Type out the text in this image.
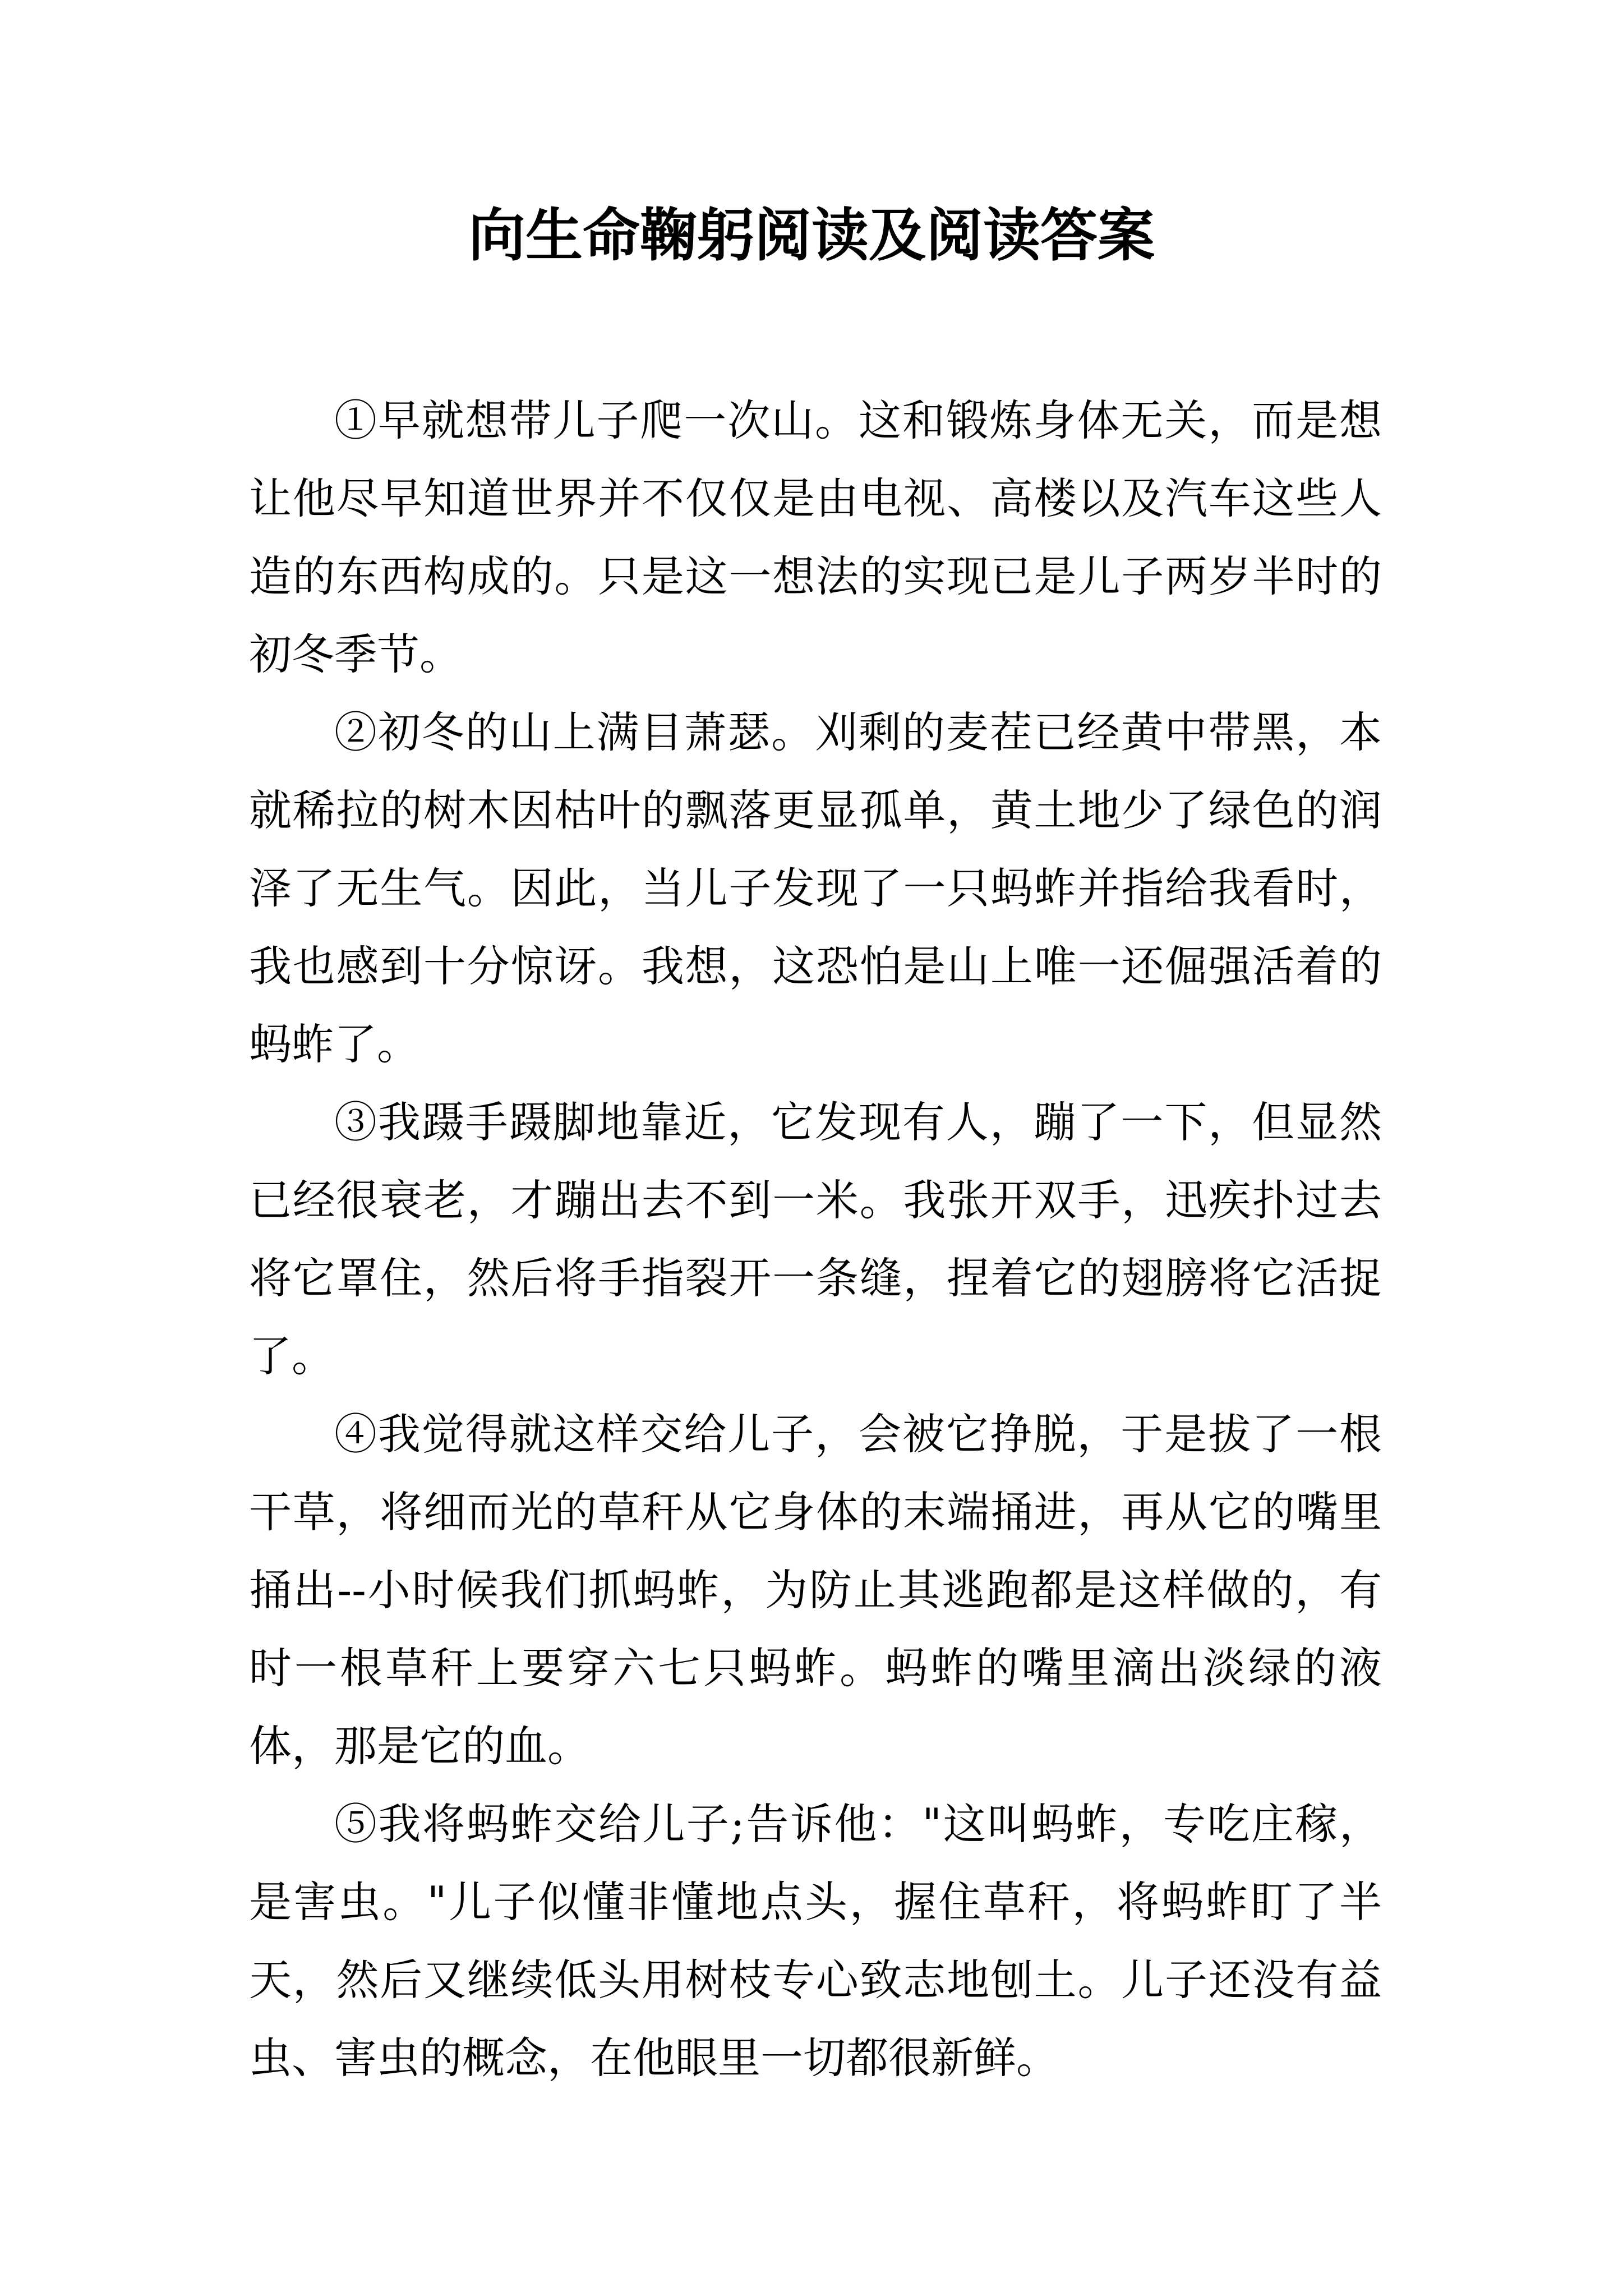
向生命鞠躬阅读及阅读答案

①早就想带儿子爬一次山。这和锻炼身体无关，而是想让他尽早知道世界并不仅仅是由电视、高楼以及汽车这些人造的东西构成的。只是这一想法的实现已是儿子两岁半时的初冬季节。

②初冬的山上满目萧瑟。刈剩的麦茬已经黄中带黑，本就稀拉的树木因枯叶的飘落更显孤单，黄土地少了绿色的润泽了无生气。因此，当儿子发现了一只蚂蚱并指给我看时，我也感到十分惊讶。我想，这恐怕是山上唯一还倔强活着的蚂蚱了。

③我蹑手蹑脚地靠近，它发现有人，蹦了一下，但显然已经很衰老，才蹦出去不到一米。我张开双手，迅疾扑过去将它罩住，然后将手指裂开一条缝，捏着它的翅膀将它活捉了。

④我觉得就这样交给儿子，会被它挣脱，于是拔了一根干草，将细而光的草秆从它身体的末端捅进，再从它的嘴里捅出--小时候我们抓蚂蚱，为防止其逃跑都是这样做的，有时一根草秆上要穿六七只蚂蚱。蚂蚱的嘴里滴出淡绿的液体，那是它的血。

⑤我将蚂蚱交给儿子;告诉他："这叫蚂蚱，专吃庄稼，是害虫。"儿子似懂非懂地点头，握住草秆，将蚂蚱盯了半天，然后又继续低头用树枝专心致志地刨土。儿子还没有益虫、害虫的概念，在他眼里一切都很新鲜。
